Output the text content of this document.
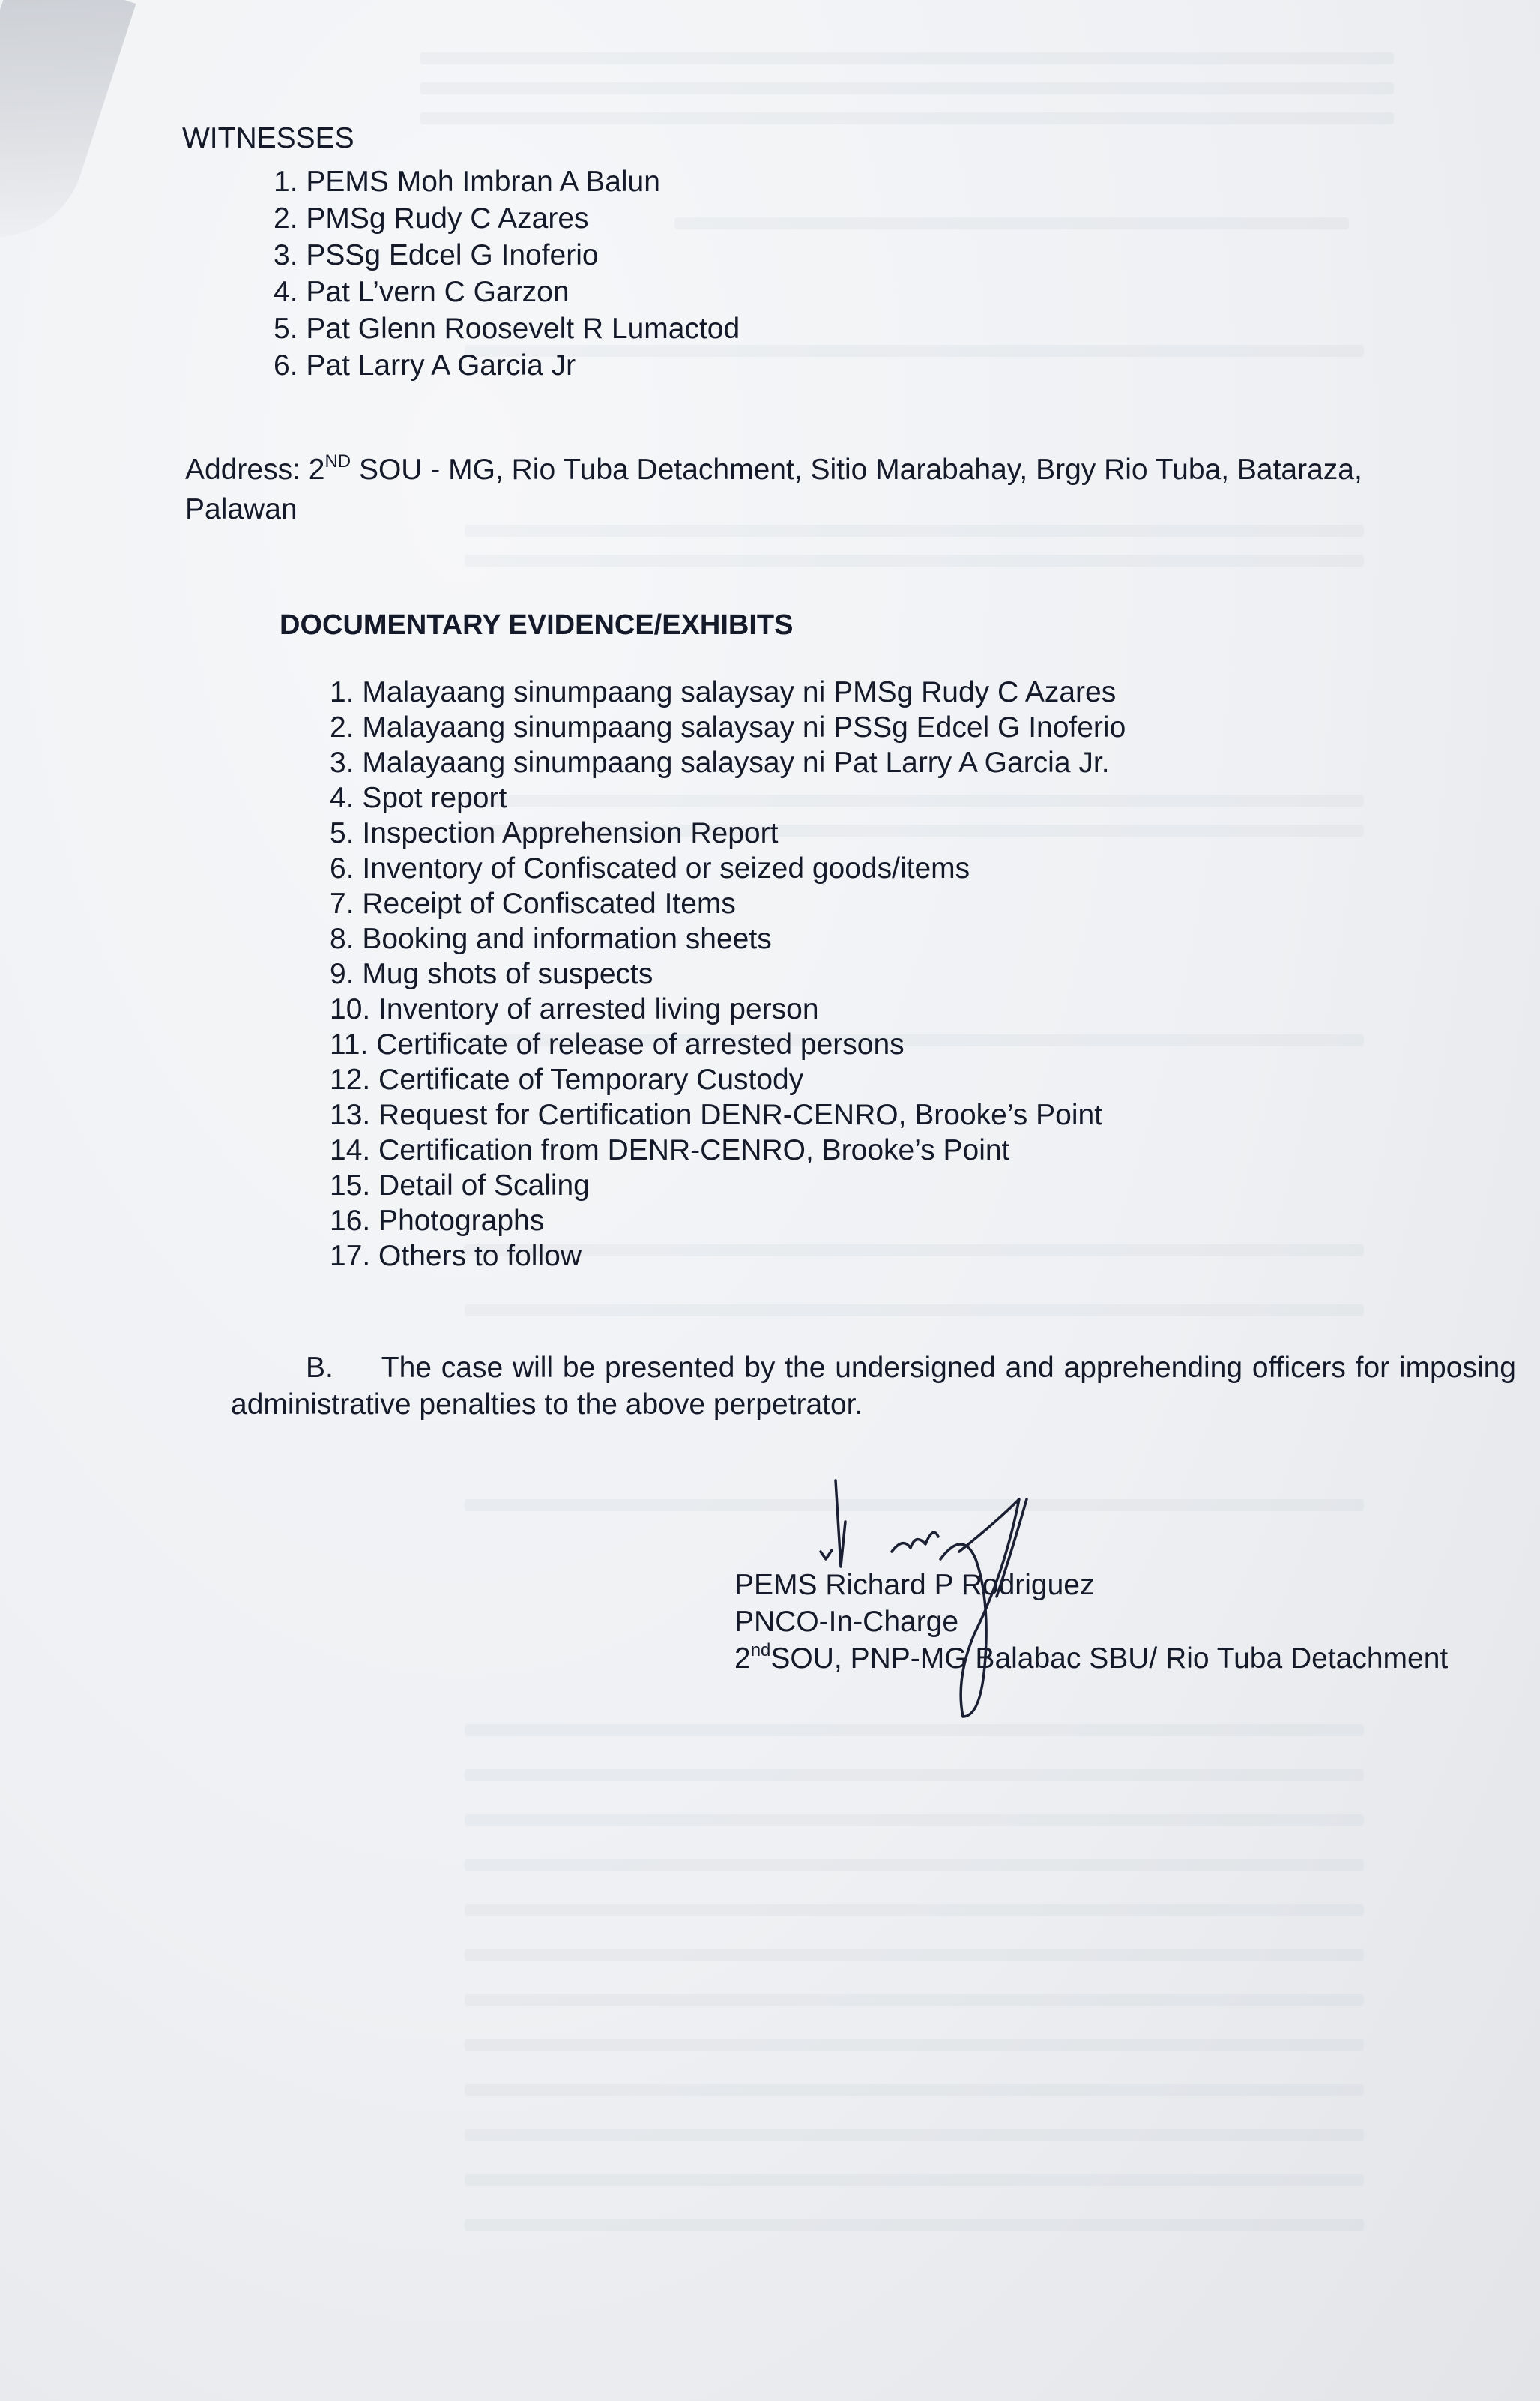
WITNESSES
1. PEMS Moh Imbran A Balun
2. PMSg Rudy C Azares
3. PSSg Edcel G Inoferio
4. Pat L’vern C Garzon
5. Pat Glenn Roosevelt R Lumactod
6. Pat Larry A Garcia Jr
Address: 2ND SOU - MG, Rio Tuba Detachment, Sitio Marabahay, Brgy Rio Tuba, Bataraza, Palawan
DOCUMENTARY EVIDENCE/EXHIBITS
1. Malayaang sinumpaang salaysay ni PMSg Rudy C Azares
2. Malayaang sinumpaang salaysay ni PSSg Edcel G Inoferio
3. Malayaang sinumpaang salaysay ni Pat Larry A Garcia Jr.
4. Spot report
5. Inspection Apprehension Report
6. Inventory of Confiscated or seized goods/items
7. Receipt of Confiscated Items
8. Booking and information sheets
9. Mug shots of suspects
10. Inventory of arrested living person
11. Certificate of release of arrested persons
12. Certificate of Temporary Custody
13. Request for Certification DENR-CENRO, Brooke’s Point
14. Certification from DENR-CENRO, Brooke’s Point
15. Detail of Scaling
16. Photographs
17. Others to follow
B. The case will be presented by the undersigned and apprehending officers for imposing administrative penalties to the above perpetrator.
PEMS Richard P Rodriguez
PNCO-In-Charge
2ndSOU, PNP-MG Balabac SBU/ Rio Tuba Detachment
